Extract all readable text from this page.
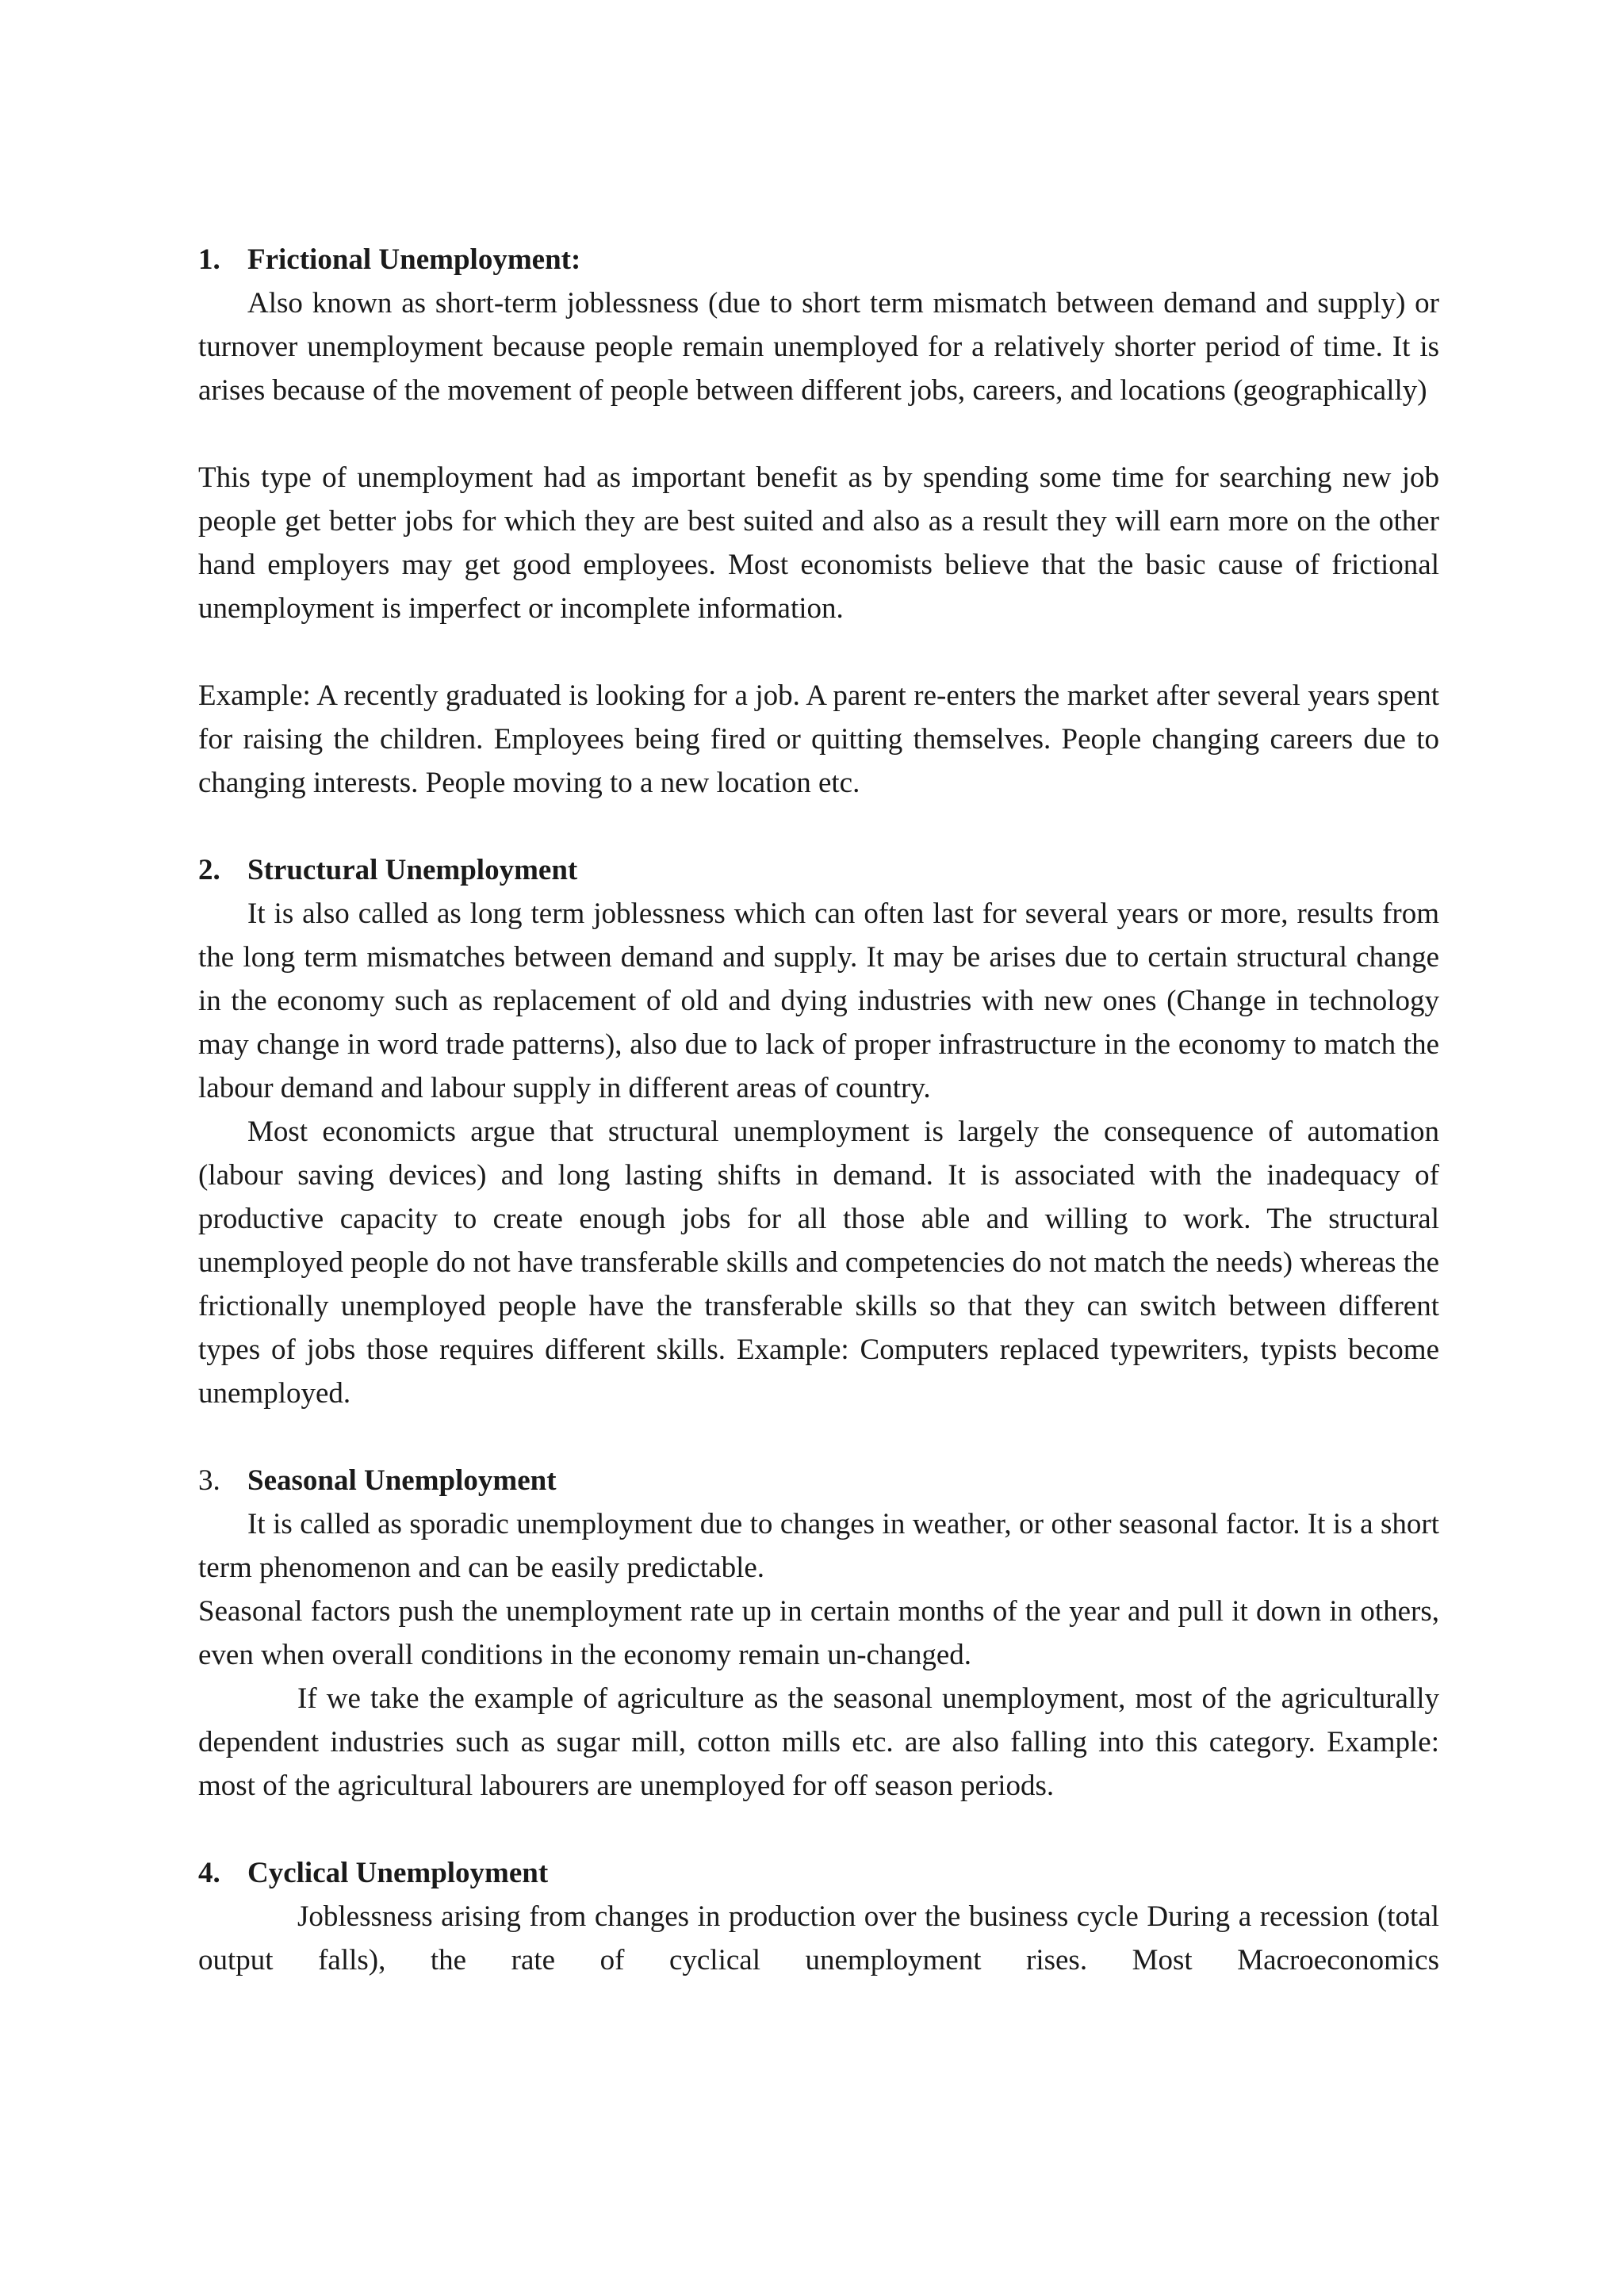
1. Frictional Unemployment:

Also known as short-term joblessness (due to short term mismatch between demand and supply) or turnover unemployment because people remain unemployed for a relatively shorter period of time. It is arises because of the movement of people between different jobs, careers, and locations (geographically)

This type of unemployment had as important benefit as by spending some time for searching new job people get better jobs for which they are best suited and also as a result they will earn more on the other hand employers may get good employees. Most economists believe that the basic cause of frictional unemployment is imperfect or incomplete information.

Example: A recently graduated is looking for a job. A parent re-enters the market after several years spent for raising the children. Employees being fired or quitting themselves. People changing careers due to changing interests. People moving to a new location etc.

2. Structural Unemployment

It is also called as long term joblessness which can often last for several years or more, results from the long term mismatches between demand and supply. It may be arises due to certain structural change in the economy such as replacement of old and dying industries with new ones (Change in technology may change in word trade patterns), also due to lack of proper infrastructure in the economy to match the labour demand and labour supply in different areas of country.

Most economicts argue that structural unemployment is largely the consequence of automation (labour saving devices) and long lasting shifts in demand. It is associated with the inadequacy of productive capacity to create enough jobs for all those able and willing to work. The structural unemployed people do not have transferable skills and competencies do not match the needs) whereas the frictionally unemployed people have the transferable skills so that they can switch between different types of jobs those requires different skills. Example: Computers replaced typewriters, typists become unemployed.

3. Seasonal Unemployment

It is called as sporadic unemployment due to changes in weather, or other seasonal factor. It is a short term phenomenon and can be easily predictable.

Seasonal factors push the unemployment rate up in certain months of the year and pull it down in others, even when overall conditions in the economy remain un-changed.

If we take the example of agriculture as the seasonal unemployment, most of the agriculturally dependent industries such as sugar mill, cotton mills etc. are also falling into this category. Example: most of the agricultural labourers are unemployed for off season periods.

4. Cyclical Unemployment

Joblessness arising from changes in production over the business cycle During a recession (total output falls), the rate of cyclical unemployment rises. Most Macroeconomics
